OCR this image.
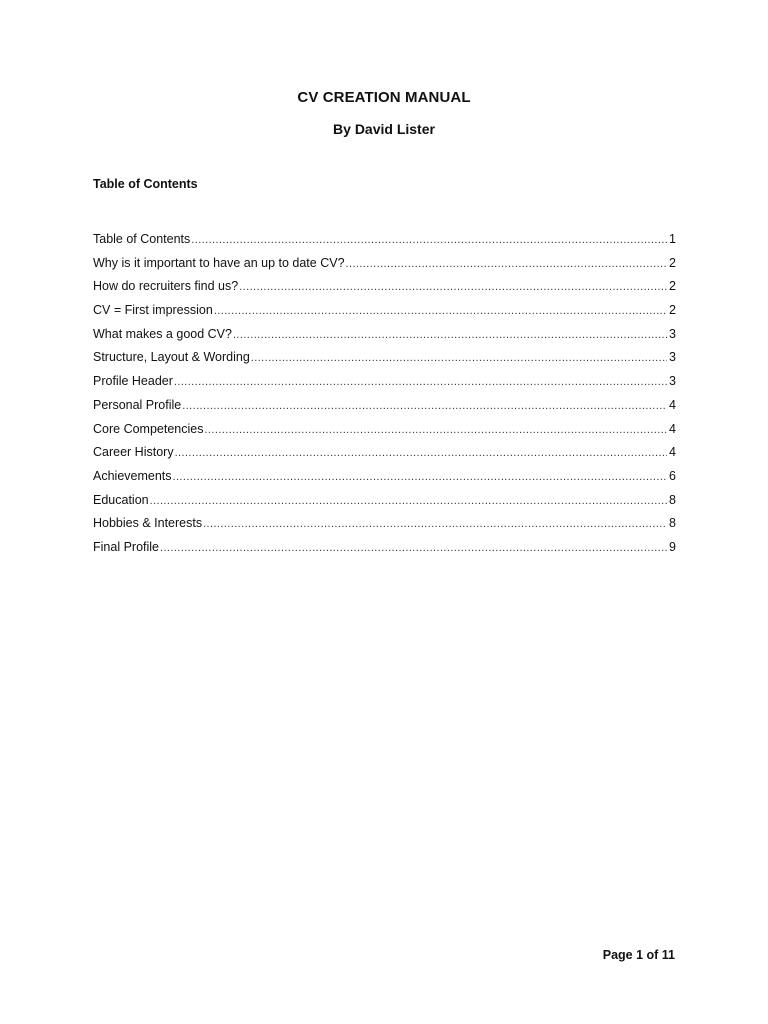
CV CREATION MANUAL
By David Lister
Table of Contents
Table of Contents .....	1
Why is it important to have an up to date CV? .....	2
How do recruiters find us? .....	2
CV = First impression .....	2
What makes a good CV? .....	3
Structure, Layout & Wording .....	3
Profile Header .....	3
Personal Profile .....	4
Core Competencies .....	4
Career History .....	4
Achievements .....	6
Education .....	8
Hobbies & Interests .....	8
Final Profile .....	9
Page 1 of 11
